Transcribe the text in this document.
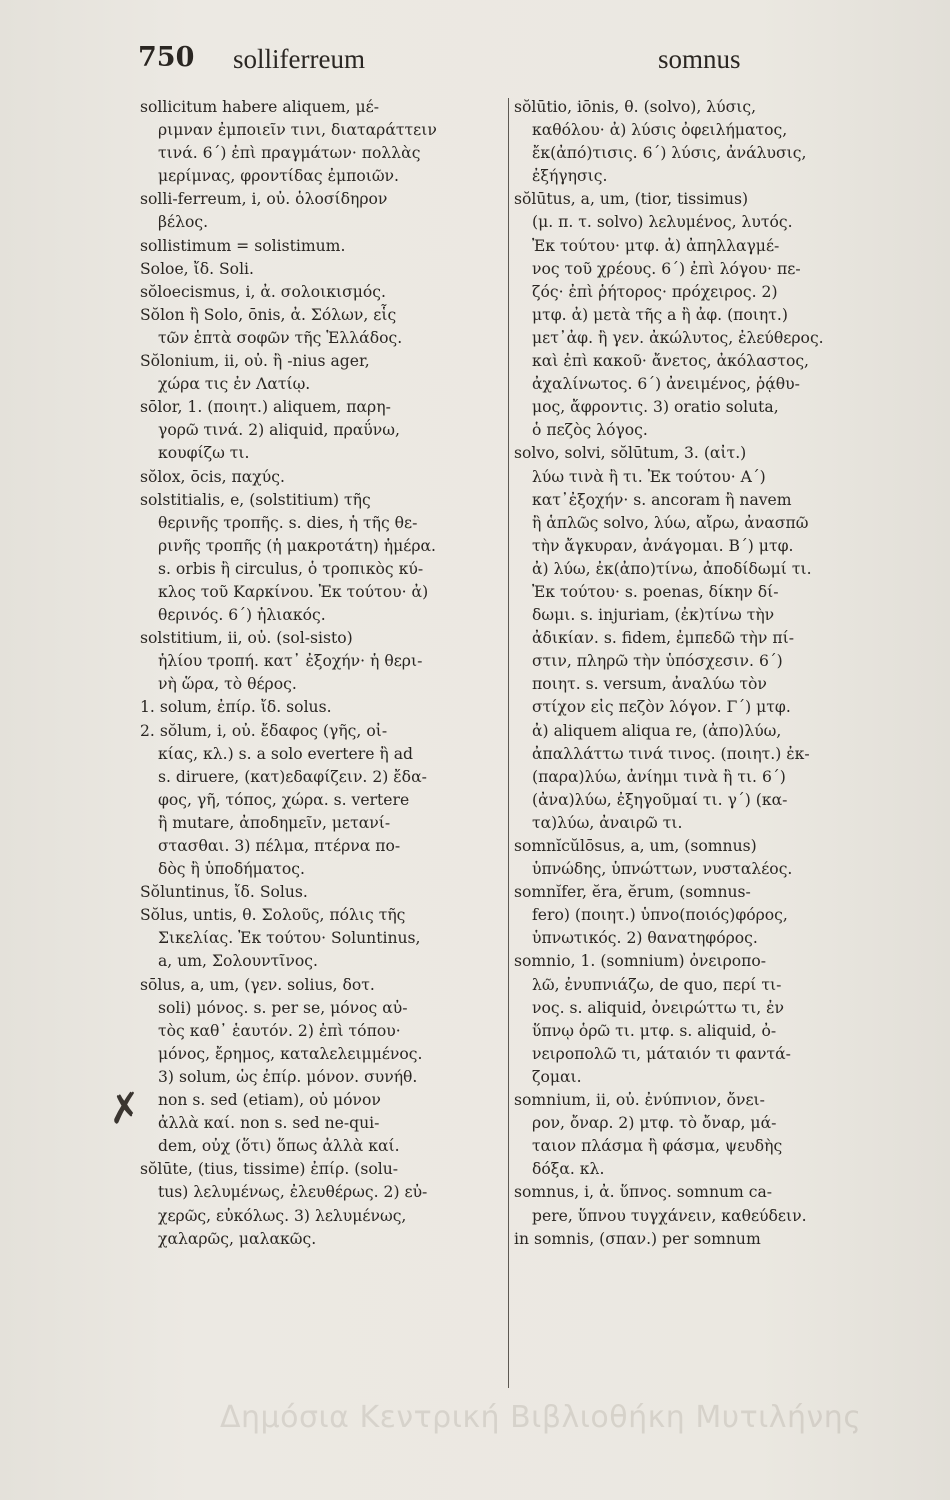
750 solliferreum	somnus
sollicitum habere aliquem, μέ-
ριμναν ἐμποιεῖν τινι, διαταράττειν
τινά. 6΄) ἐπὶ πραγμάτων· πολλὰς
μερίμνας, φροντίδας ἐμποιῶν.
solli-ferreum, i, οὐ. ὁλοσίδηρον
βέλος.
sollistimum = solistimum.
Soloe, ἴδ. Soli.
sŏloecismus, i, ἀ. σολοικισμός.
Sŏlon ἢ Solo, ōnis, ἀ. Σόλων, εἷς
τῶν ἑπτὰ σοφῶν τῆς Ἑλλάδος.
Sŏlonium, ii, οὐ. ἢ -nius ager,
χώρα τις ἐν Λατίῳ.
sōlor, 1. (ποιητ.) aliquem, παρη-
γορῶ τινά. 2) aliquid, πραΰνω,
κουφίζω τι.
sŏlox, ōcis, παχύς.
solstitialis, e, (solstitium) τῆς
θερινῆς τροπῆς. s. dies, ἡ τῆς θε-
ρινῆς τροπῆς (ἡ μακροτάτη) ἡμέρα.
s. orbis ἢ circulus, ὁ τροπικὸς κύ-
κλος τοῦ Καρκίνου. Ἐκ τούτου· ἀ)
θερινός. 6΄) ἡλιακός.
solstitium, ii, οὐ. (sol-sisto)
ἡλίου τροπή. κατ᾽ ἐξοχήν· ἡ θερι-
νὴ ὥρα, τὸ θέρος.
1. solum, ἐπίρ. ἴδ. solus.
2. sŏlum, i, οὐ. ἔδαφος (γῆς, οἰ-
κίας, κλ.) s. a solo evertere ἢ ad
s. diruere, (κατ)εδαφίζειν. 2) ἔδα-
φος, γῆ, τόπος, χώρα. s. vertere
ἢ mutare, ἀποδημεῖν, μετανί-
στασθαι. 3) πέλμα, πτέρνα πο-
δὸς ἢ ὑποδήματος.
Sŏluntinus, ἴδ. Solus.
Sŏlus, untis, θ. Σολοῦς, πόλις τῆς
Σικελίας. Ἐκ τούτου· Soluntinus,
a, um, Σολουντῖνος.
sōlus, a, um, (γεν. solius, δοτ.
soli) μόνος. s. per se, μόνος αὐ-
τὸς καθ᾽ ἑαυτόν. 2) ἐπὶ τόπου·
μόνος, ἔρημος, καταλελειμμένος.
3) solum, ὡς ἐπίρ. μόνον. συνήθ.
non s. sed (etiam), οὐ μόνον
ἀλλὰ καί. non s. sed ne-qui-
dem, οὐχ (ὅτι) ὅπως ἀλλὰ καί.
sŏlūte, (tius, tissime) ἐπίρ. (solu-
tus) λελυμένως, ἐλευθέρως. 2) εὐ-
χερῶς, εὐκόλως. 3) λελυμένως,
χαλαρῶς, μαλακῶς.
sŏlūtio, iōnis, θ. (solvo), λύσις,
καθόλου· ἀ) λύσις ὀφειλήματος,
ἔκ(ἀπό)τισις. 6΄) λύσις, ἀνάλυσις,
ἐξήγησις.
sŏlūtus, a, um, (tior, tissimus)
(μ. π. τ. solvo) λελυμένος, λυτός.
Ἐκ τούτου· μτφ. ἀ) ἀπηλλαγμέ-
νος τοῦ χρέους. 6΄) ἐπὶ λόγου· πε-
ζός· ἐπὶ ῥήτορος· πρόχειρος. 2)
μτφ. ἀ) μετὰ τῆς a ἢ ἀφ. (ποιητ.)
μετ᾽ἀφ. ἢ γεν. ἀκώλυτος, ἐλεύθερος.
καὶ ἐπὶ κακοῦ· ἄνετος, ἀκόλαστος,
ἀχαλίνωτος. 6΄) ἀνειμένος, ῥᾴθυ-
μος, ἄφροντις. 3) oratio soluta,
ὁ πεζὸς λόγος.
solvo, solvi, sŏlūtum, 3. (αἰτ.)
λύω τινὰ ἢ τι. Ἐκ τούτου· Α΄)
κατ᾽ἐξοχήν· s. ancoram ἢ navem
ἢ ἁπλῶς solvo, λύω, αἴρω, ἀνασπῶ
τὴν ἄγκυραν, ἀνάγομαι. Β΄) μτφ.
ἀ) λύω, ἐκ(ἀπο)τίνω, ἀποδίδωμί τι.
Ἐκ τούτου· s. poenas, δίκην δί-
δωμι. s. injuriam, (ἐκ)τίνω τὴν
ἀδικίαν. s. fidem, ἐμπεδῶ τὴν πί-
στιν, πληρῶ τὴν ὑπόσχεσιν. 6΄)
ποιητ. s. versum, ἀναλύω τὸν
στίχον εἰς πεζὸν λόγον. Γ΄) μτφ.
ἀ) aliquem aliqua re, (ἀπο)λύω,
ἀπαλλάττω τινά τινος. (ποιητ.) ἐκ-
(παρα)λύω, ἀνίημι τινὰ ἢ τι. 6΄)
(ἀνα)λύω, ἐξηγοῦμαί τι. γ΄) (κα-
τα)λύω, ἀναιρῶ τι.
somnĭcŭlōsus, a, um, (somnus)
ὑπνώδης, ὑπνώττων, νυσταλέος.
somnĭfer, ĕra, ĕrum, (somnus-
fero) (ποιητ.) ὑπνο(ποιός)φόρος,
ὑπνωτικός. 2) θανατηφόρος.
somnio, 1. (somnium) ὀνειροπο-
λῶ, ἐνυπνιάζω, de quo, περί τι-
νος. s. aliquid, ὀνειρώττω τι, ἐν
ὕπνῳ ὁρῶ τι. μτφ. s. aliquid, ὀ-
νειροπολῶ τι, μάταιόν τι φαντά-
ζομαι.
somnium, ii, οὐ. ἐνύπνιον, ὄνει-
ρον, ὄναρ. 2) μτφ. τὸ ὄναρ, μά-
ταιον πλάσμα ἢ φάσμα, ψευδὴς
δόξα. κλ.
somnus, i, ἀ. ὕπνος. somnum ca-
pere, ὕπνου τυγχάνειν, καθεύδειν.
in somnis, (σπαν.) per somnum
✗
Δημόσια Κεντρική Βιβλιοθήκη Μυτιλήνης
